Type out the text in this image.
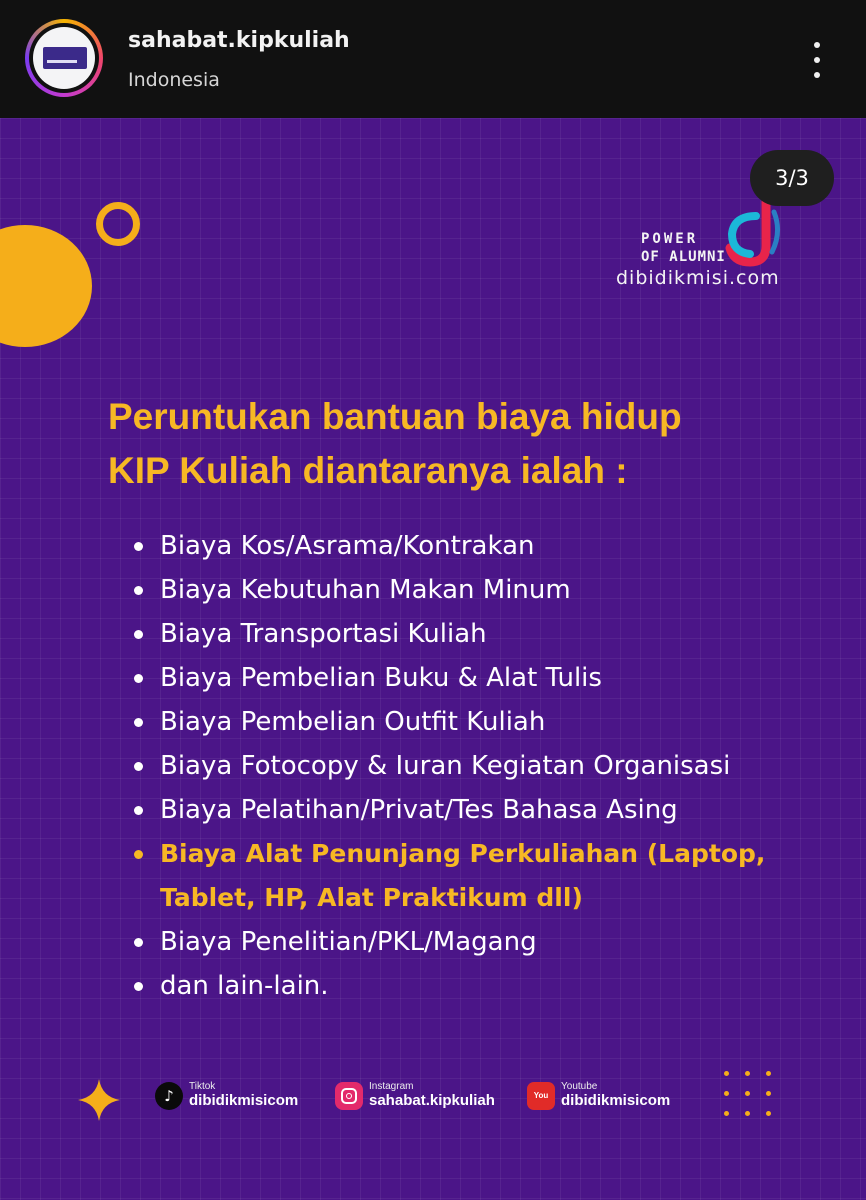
sahabat.kipkuliah
Indonesia
POWER
OF ALUMNI
dibidikmisi.com
3/3
Peruntukan bantuan biaya hidup
KIP Kuliah diantaranya ialah :
Biaya Kos/Asrama/Kontrakan
Biaya Kebutuhan Makan Minum
Biaya Transportasi Kuliah
Biaya Pembelian Buku & Alat Tulis
Biaya Pembelian Outfit Kuliah
Biaya Fotocopy & Iuran Kegiatan Organisasi
Biaya Pelatihan/Privat/Tes Bahasa Asing
Biaya Alat Penunjang Perkuliahan (Laptop, Tablet, HP, Alat Praktikum dll)
Biaya Penelitian/PKL/Magang
dan lain-lain.
♪
Tiktok
dibidikmisicom
Instagram
sahabat.kipkuliah	You
Youtube
dibidikmisicom
